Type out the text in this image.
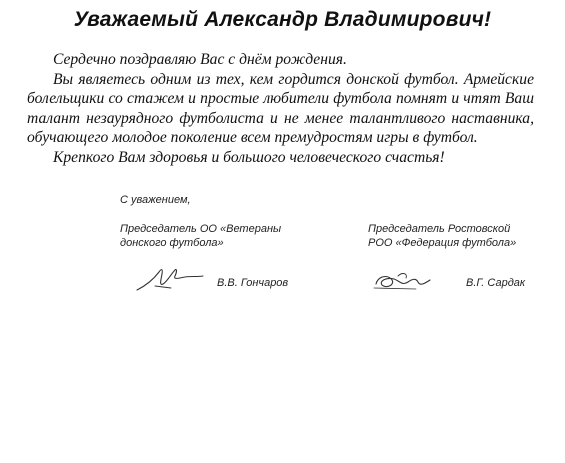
Уважаемый Александр Владимирович!

Сердечно поздравляю Вас с днём рождения.

Вы являетесь одним из тех, кем гордится донской футбол. Армейские болельщики со стажем и простые любители футбола помнят и чтят Ваш талант незаурядного футболиста и не менее талантливого наставника, обучающего молодое поколение всем премудростям игры в футбол.

Крепкого Вам здоровья и большого человеческого счастья!

С уважением,
Председатель ОО «Ветераны
донского футбола»
В.В. Гончаров
Председатель Ростовской
РОО «Федерация футбола»
В.Г. Сардак
